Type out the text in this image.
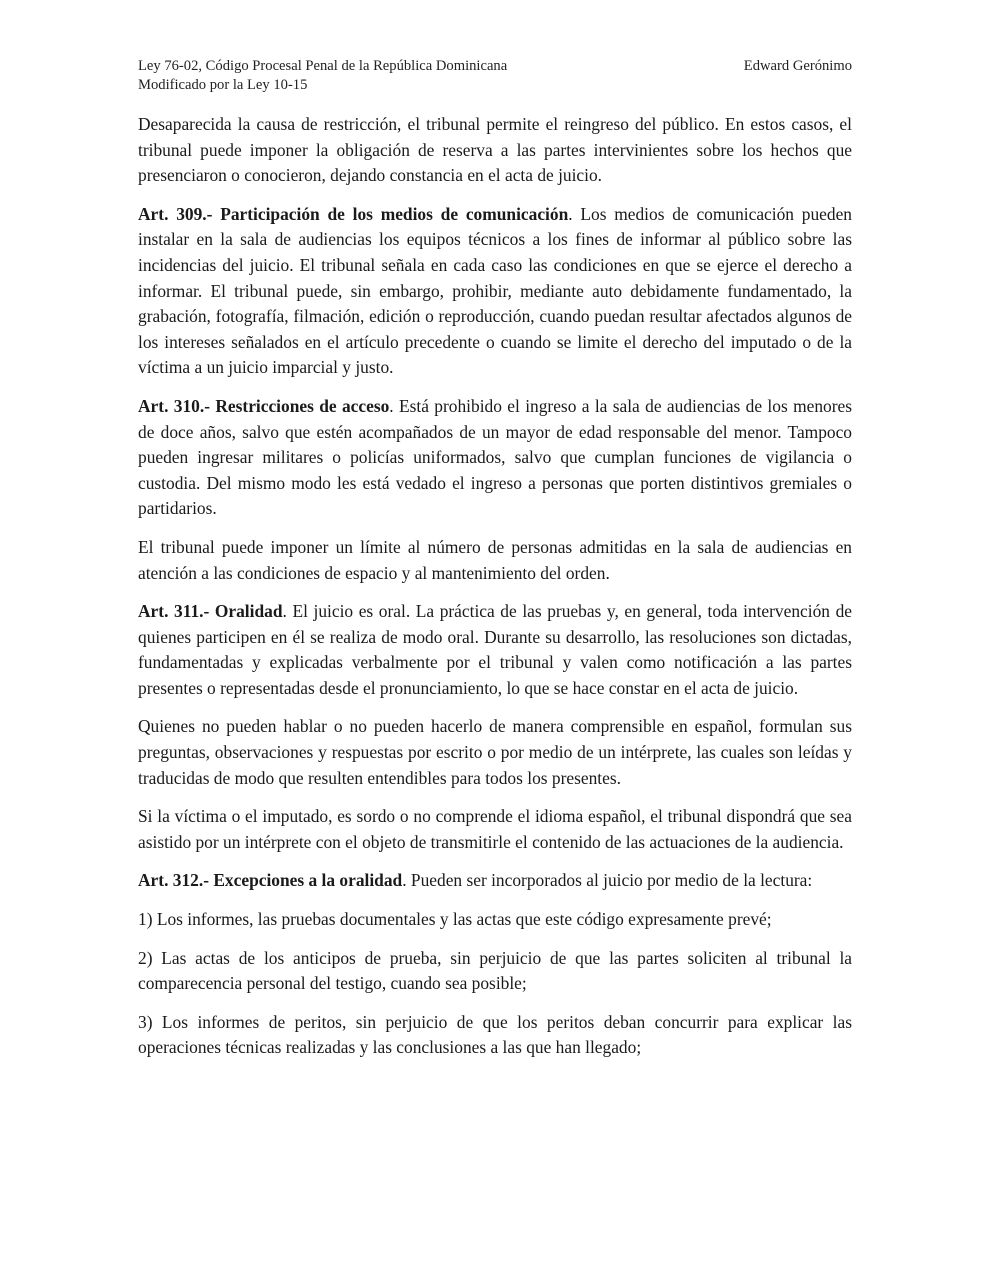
Ley 76-02, Código Procesal Penal de la República Dominicana
Modificado por la Ley 10-15
Edward Gerónimo

Desaparecida la causa de restricción, el tribunal permite el reingreso del público. En estos casos, el tribunal puede imponer la obligación de reserva a las partes intervinientes sobre los hechos que presenciaron o conocieron, dejando constancia en el acta de juicio.

Art. 309.- Participación de los medios de comunicación. Los medios de comunicación pueden instalar en la sala de audiencias los equipos técnicos a los fines de informar al público sobre las incidencias del juicio. El tribunal señala en cada caso las condiciones en que se ejerce el derecho a informar. El tribunal puede, sin embargo, prohibir, mediante auto debidamente fundamentado, la grabación, fotografía, filmación, edición o reproducción, cuando puedan resultar afectados algunos de los intereses señalados en el artículo precedente o cuando se limite el derecho del imputado o de la víctima a un juicio imparcial y justo.

Art. 310.- Restricciones de acceso. Está prohibido el ingreso a la sala de audiencias de los menores de doce años, salvo que estén acompañados de un mayor de edad responsable del menor. Tampoco pueden ingresar militares o policías uniformados, salvo que cumplan funciones de vigilancia o custodia. Del mismo modo les está vedado el ingreso a personas que porten distintivos gremiales o partidarios.

El tribunal puede imponer un límite al número de personas admitidas en la sala de audiencias en atención a las condiciones de espacio y al mantenimiento del orden.

Art. 311.- Oralidad. El juicio es oral. La práctica de las pruebas y, en general, toda intervención de quienes participen en él se realiza de modo oral. Durante su desarrollo, las resoluciones son dictadas, fundamentadas y explicadas verbalmente por el tribunal y valen como notificación a las partes presentes o representadas desde el pronunciamiento, lo que se hace constar en el acta de juicio.

Quienes no pueden hablar o no pueden hacerlo de manera comprensible en español, formulan sus preguntas, observaciones y respuestas por escrito o por medio de un intérprete, las cuales son leídas y traducidas de modo que resulten entendibles para todos los presentes.

Si la víctima o el imputado, es sordo o no comprende el idioma español, el tribunal dispondrá que sea asistido por un intérprete con el objeto de transmitirle el contenido de las actuaciones de la audiencia.

Art. 312.- Excepciones a la oralidad. Pueden ser incorporados al juicio por medio de la lectura:

1) Los informes, las pruebas documentales y las actas que este código expresamente prevé;

2) Las actas de los anticipos de prueba, sin perjuicio de que las partes soliciten al tribunal la comparecencia personal del testigo, cuando sea posible;

3) Los informes de peritos, sin perjuicio de que los peritos deban concurrir para explicar las operaciones técnicas realizadas y las conclusiones a las que han llegado;
